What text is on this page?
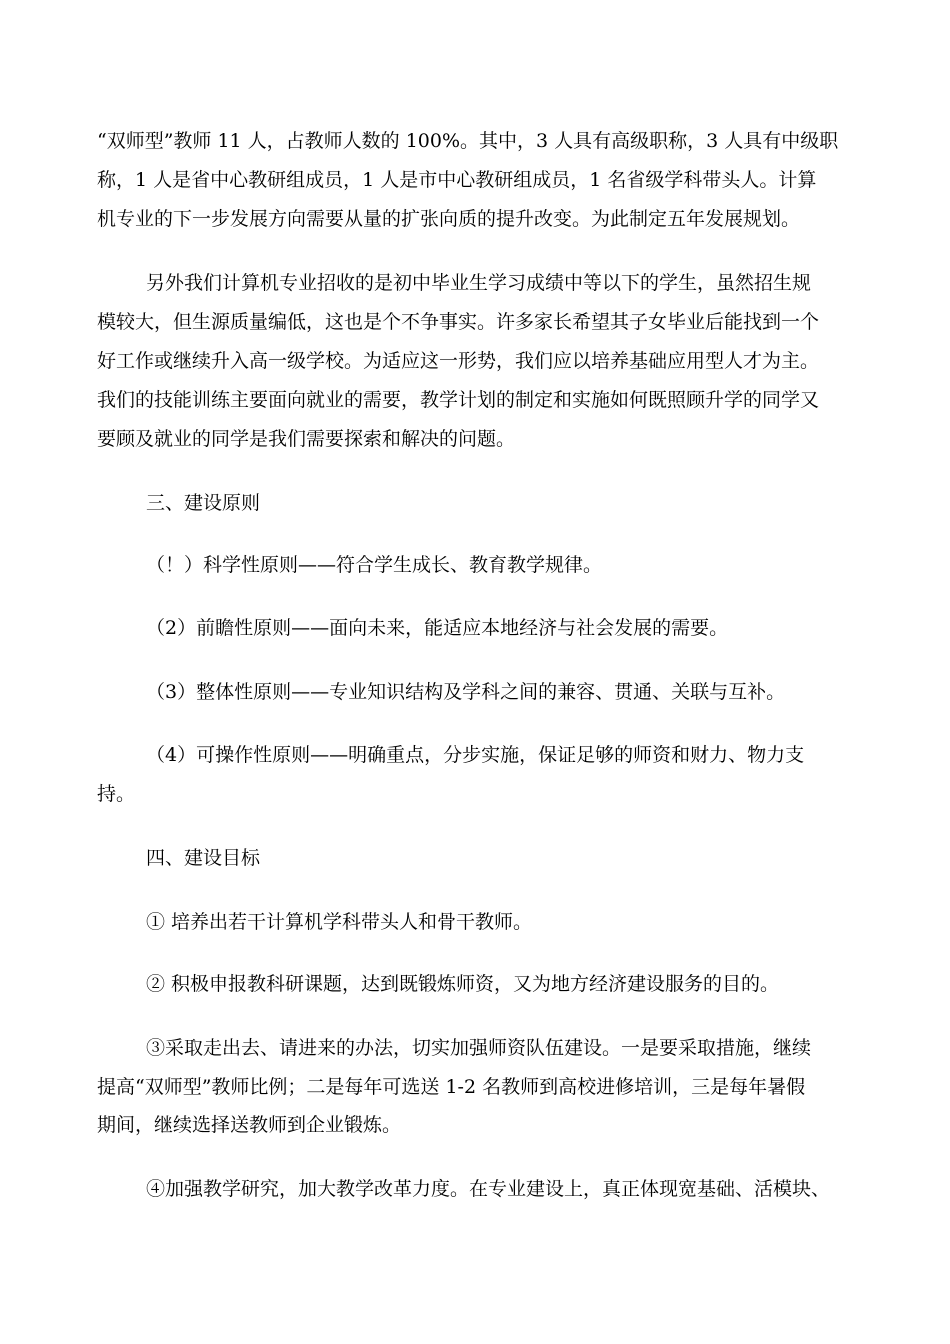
“双师型”教师 11 人，占教师人数的 100%。其中，3 人具有高级职称，3 人具有中级职
称，1 人是省中心教研组成员，1 人是市中心教研组成员，1 名省级学科带头人。计算
机专业的下一步发展方向需要从量的扩张向质的提升改变。为此制定五年发展规划。
另外我们计算机专业招收的是初中毕业生学习成绩中等以下的学生，虽然招生规
模较大，但生源质量编低，这也是个不争事实。许多家长希望其子女毕业后能找到一个
好工作或继续升入高一级学校。为适应这一形势，我们应以培养基础应用型人才为主。
我们的技能训练主要面向就业的需要，教学计划的制定和实施如何既照顾升学的同学又
要顾及就业的同学是我们需要探索和解决的问题。
三、建设原则
（！）科学性原则——符合学生成长、教育教学规律。
（2）前瞻性原则——面向未来，能适应本地经济与社会发展的需要。
（3）整体性原则——专业知识结构及学科之间的兼容、贯通、关联与互补。
（4）可操作性原则——明确重点，分步实施，保证足够的师资和财力、物力支
持。
四、建设目标
① 培养出若干计算机学科带头人和骨干教师。
② 积极申报教科研课题，达到既锻炼师资，又为地方经济建设服务的目的。
③采取走出去、请进来的办法，切实加强师资队伍建设。一是要采取措施，继续
提高“双师型”教师比例；二是每年可选送 1-2 名教师到高校进修培训，三是每年暑假
期间，继续选择送教师到企业锻炼。
④加强教学研究，加大教学改革力度。在专业建设上，真正体现宽基础、活模块、
